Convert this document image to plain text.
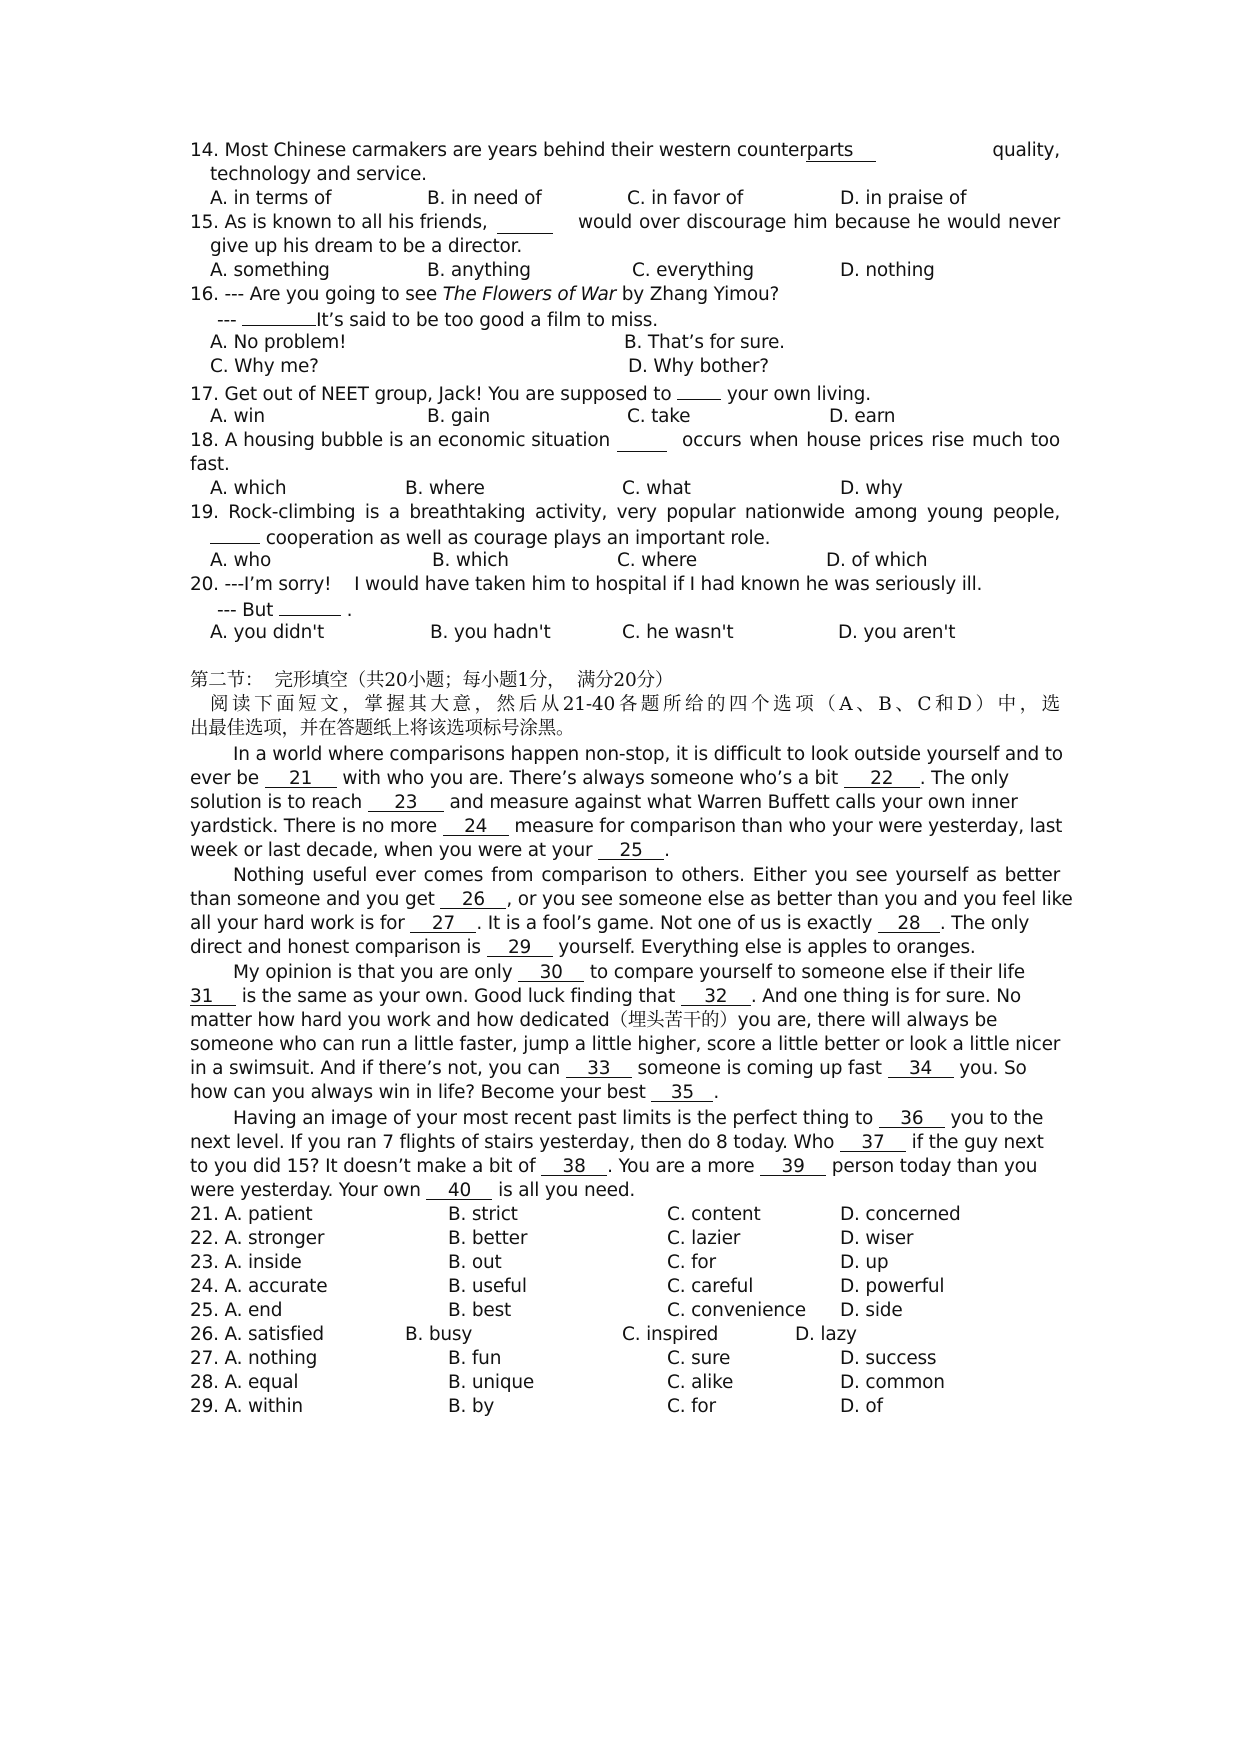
14. Most Chinese carmakers are years behind their western counterparts	quality,
technology and service.
A. in terms of	B. in need of	C. in favor of	D. in praise of
15. As is known to all his friends,	would over discourage him because he would never
give up his dream to be a director.
A. something	B. anything	C. everything	D. nothing
16. --- Are you going to see The Flowers of War by Zhang Yimou?
---	It’s said to be too good a film to miss.
A. No problem!	B. That’s for sure.
C. Why me?	D. Why bother?
17. Get out of NEET group, Jack! You are supposed to	your own living.
A. win	B. gain	C. take	D. earn
18. A housing bubble is an economic situation	occurs when house prices rise much too
fast.
A. which	B. where	C. what	D. why
19. Rock-climbing is a breathtaking activity, very popular nationwide among young people,
cooperation as well as courage plays an important role.
A. who	B. which	C. where	D. of which
20. ---I’m sorry!    I would have taken him to hospital if I had known he was seriously ill.
--- But	.
A. you didn't	B. you hadn't	C. he wasn't	D. you aren't
第二节：  完形填空（共20小题；每小题1分，  满分20分）
阅读下面短文，掌握其大意，然后从21-40各题所给的四个选项（A、B、C和D）中，选
出最佳选项，并在答题纸上将该选项标号涂黑。
In a world where comparisons happen non-stop, it is difficult to look outside yourself and to
ever be 21 with who you are. There’s always someone who’s a bit 22 . The only
solution is to reach 23 and measure against what Warren Buffett calls your own inner
yardstick. There is no more 24 measure for comparison than who your were yesterday, last
week or last decade, when you were at your 25 .
Nothing useful ever comes from comparison to others. Either you see yourself as better
than someone and you get 26 , or you see someone else as better than you and you feel like
all your hard work is for 27 . It is a fool’s game. Not one of us is exactly 28 . The only
direct and honest comparison is 29 yourself. Everything else is apples to oranges.
My opinion is that you are only 30 to compare yourself to someone else if their life
31 is the same as your own. Good luck finding that 32 . And one thing is for sure. No
matter how hard you work and how dedicated（埋头苦干的）you are, there will always be
someone who can run a little faster, jump a little higher, score a little better or look a little nicer
in a swimsuit. And if there’s not, you can 33 someone is coming up fast 34 you. So
how can you always win in life? Become your best 35 .
Having an image of your most recent past limits is the perfect thing to 36 you to the
next level. If you ran 7 flights of stairs yesterday, then do 8 today. Who 37 if the guy next
to you did 15? It doesn’t make a bit of 38 . You are a more 39 person today than you
were yesterday. Your own 40 is all you need.
21. A. patient	B. strict	C. content	D. concerned
22. A. stronger	B. better	C. lazier	D. wiser
23. A. inside	B. out	C. for	D. up
24. A. accurate	B. useful	C. careful	D. powerful
25. A. end	B. best	C. convenience D. side
26. A. satisfied	B. busy	C. inspired	D. lazy
27. A. nothing	B. fun	C. sure	D. success
28. A. equal	B. unique	C. alike	D. common
29. A. within	B. by	C. for	D. of
